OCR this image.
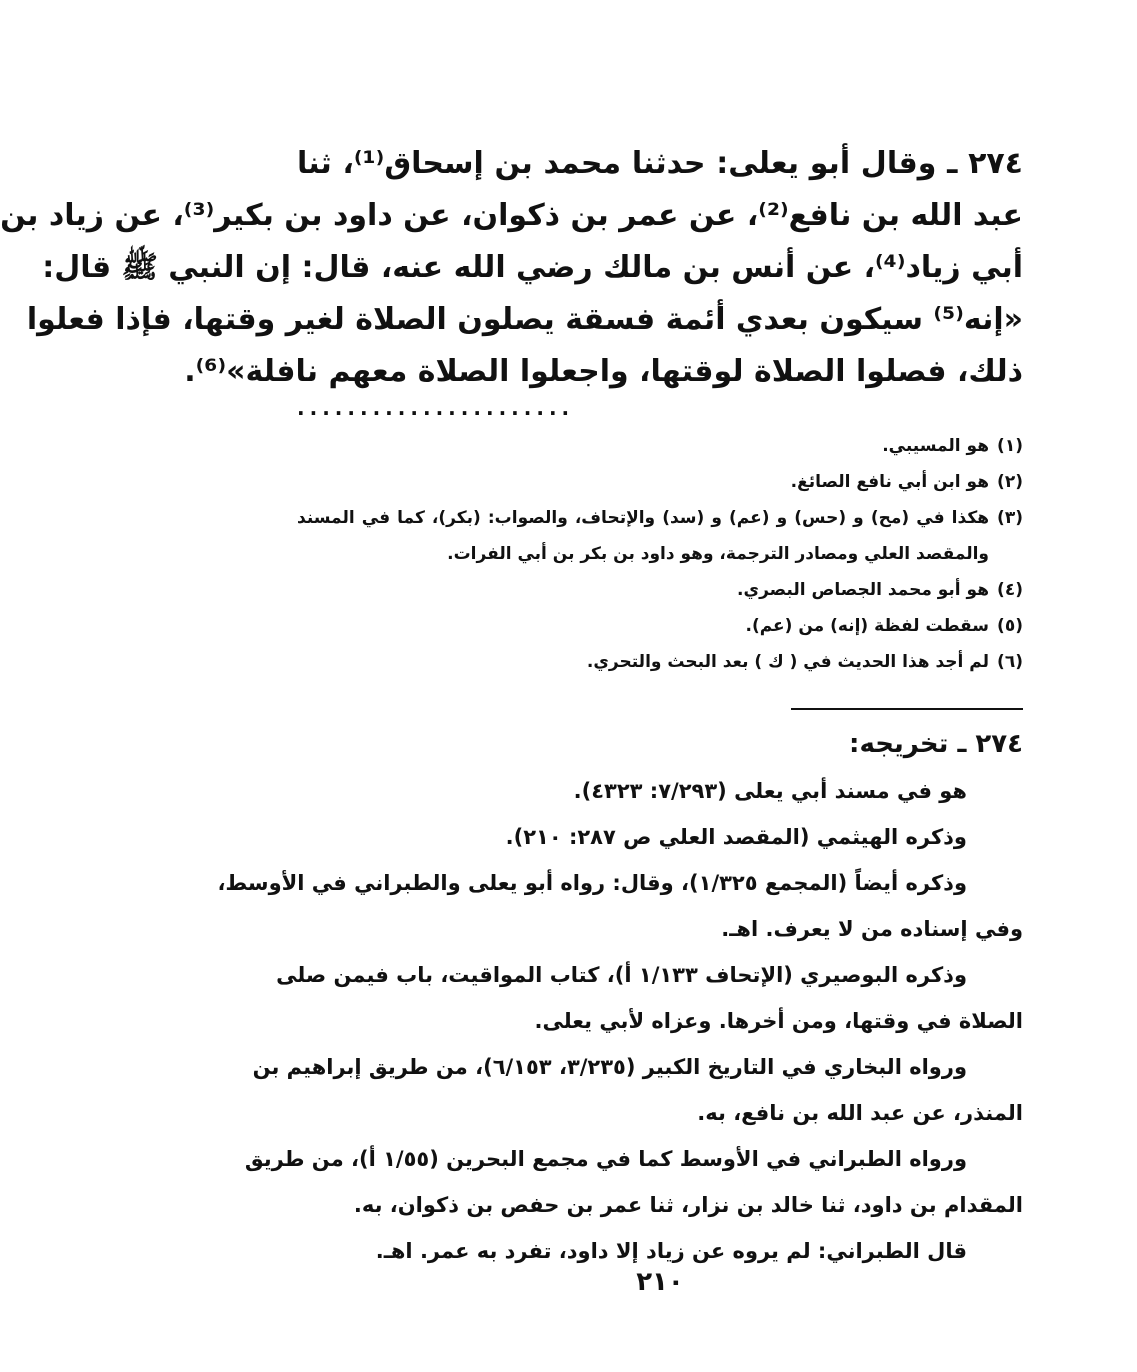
٢٧٤ ـ وقال أبو يعلى: حدثنا محمد بن إسحاق⁽¹⁾، ثنا
عبد الله بن نافع⁽²⁾، عن عمر بن ذكوان، عن داود بن بكير⁽³⁾، عن زياد بن
أبي زياد⁽⁴⁾، عن أنس بن مالك رضي الله عنه، قال: إن النبي ﷺ قال:
«إنه⁽⁵⁾ سيكون بعدي أئمة فسقة يصلون الصلاة لغير وقتها، فإذا فعلوا
ذلك، فصلوا الصلاة لوقتها، واجعلوا الصلاة معهم نافلة»⁽⁶⁾.
......................
(١)
هو المسيبي.
(٢)
هو ابن أبي نافع الصائغ.
(٣)
هكذا في (مح) و (حس) و (عم) و (سد) والإتحاف، والصواب: (بكر)، كما في المسند والمقصد العلي ومصادر الترجمة، وهو داود بن بكر بن أبي الفرات.
(٤)
هو أبو محمد الجصاص البصري.
(٥)
سقطت لفظة (إنه) من (عم).
(٦)
لم أجد هذا الحديث في ( ك ) بعد البحث والتحري.
٢٧٤ ـ تخريجه:
هو في مسند أبي يعلى (٧/٢٩٣: ٤٣٢٣).
وذكره الهيثمي (المقصد العلي ص ٢٨٧: ٢١٠).
وذكره أيضاً (المجمع ١/٣٢٥)، وقال: رواه أبو يعلى والطبراني في الأوسط،
وفي إسناده من لا يعرف. اهـ.
وذكره البوصيري (الإتحاف ١/١٣٣ أ)، كتاب المواقيت، باب فيمن صلى
الصلاة في وقتها، ومن أخرها. وعزاه لأبي يعلى.
ورواه البخاري في التاريخ الكبير (٣/٢٣٥، ٦/١٥٣)، من طريق إبراهيم بن
المنذر، عن عبد الله بن نافع، به.
ورواه الطبراني في الأوسط كما في مجمع البحرين (١/٥٥ أ)، من طريق
المقدام بن داود، ثنا خالد بن نزار، ثنا عمر بن حفص بن ذكوان، به.
قال الطبراني: لم يروه عن زياد إلا داود، تفرد به عمر. اهـ.
٢١٠
